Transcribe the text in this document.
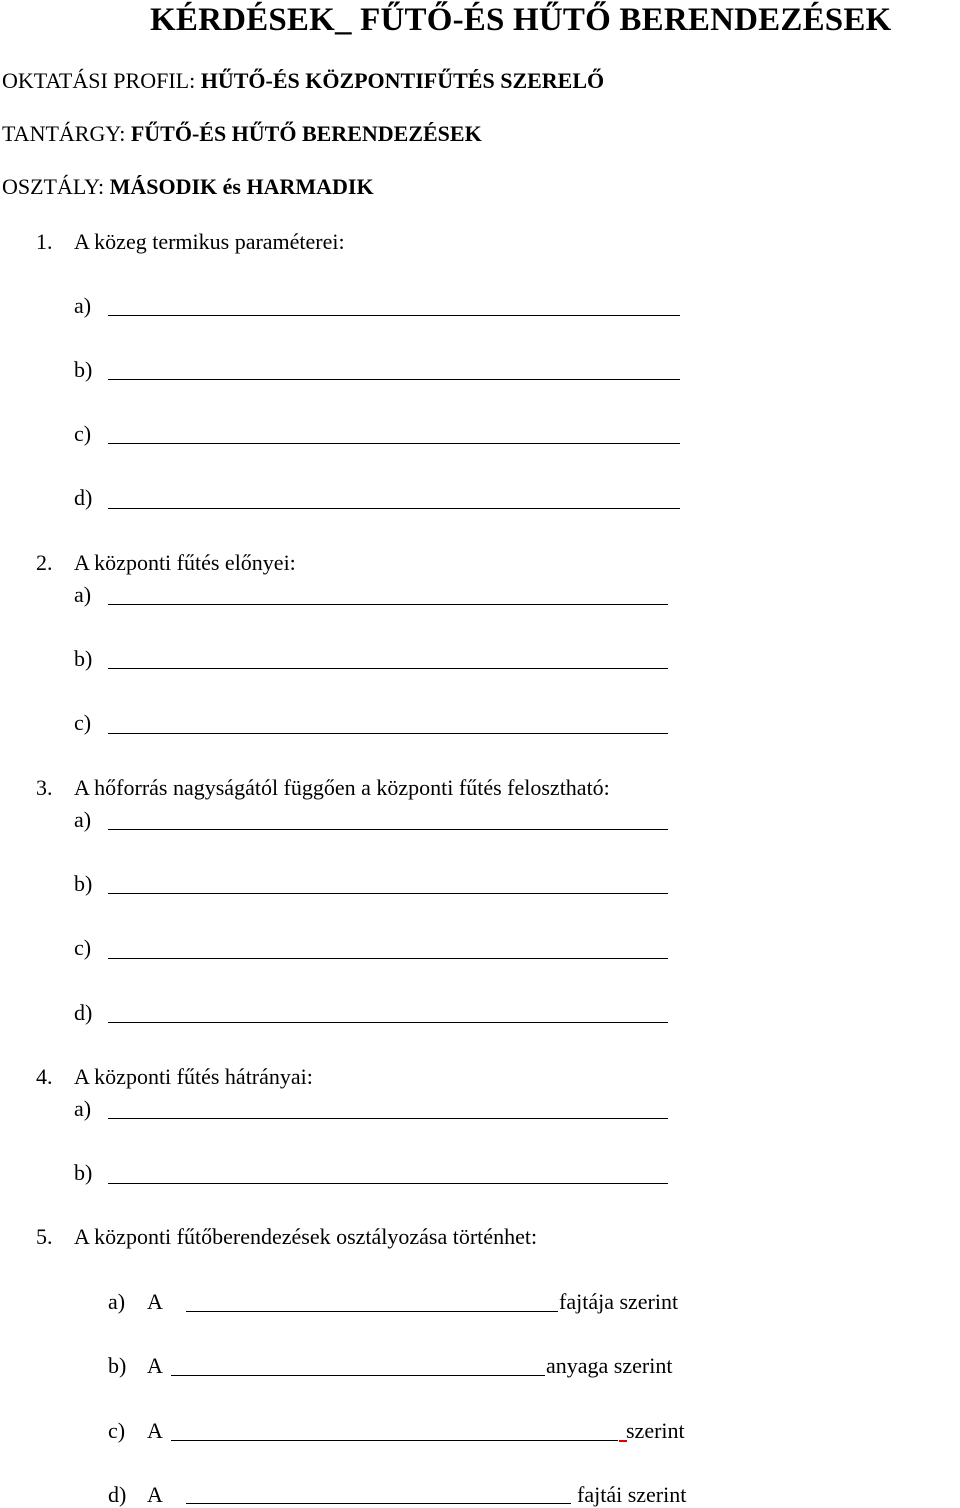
KÉRDÉSEK_ FŰTŐ-ÉS HŰTŐ BERENDEZÉSEK
OKTATÁSI PROFIL: HŰTŐ-ÉS KÖZPONTIFŰTÉS SZERELŐ
TANTÁRGY: FŰTŐ-ÉS HŰTŐ BERENDEZÉSEK
OSZTÁLY: MÁSODIK és HARMADIK
1. A közeg termikus paraméterei:
a)
b)
c)
d)
2. A központi fűtés előnyei:
a)
b)
c)
3. A hőforrás nagyságától függően a központi fűtés felosztható:
a)
b)
c)
d)
4. A központi fűtés hátrányai:
a)
b)
5. A központi fűtőberendezések osztályozása történhet:
a) A	fajtája szerint
b) A	anyaga szerint
c) A	szerint
d) A	fajtái szerint
